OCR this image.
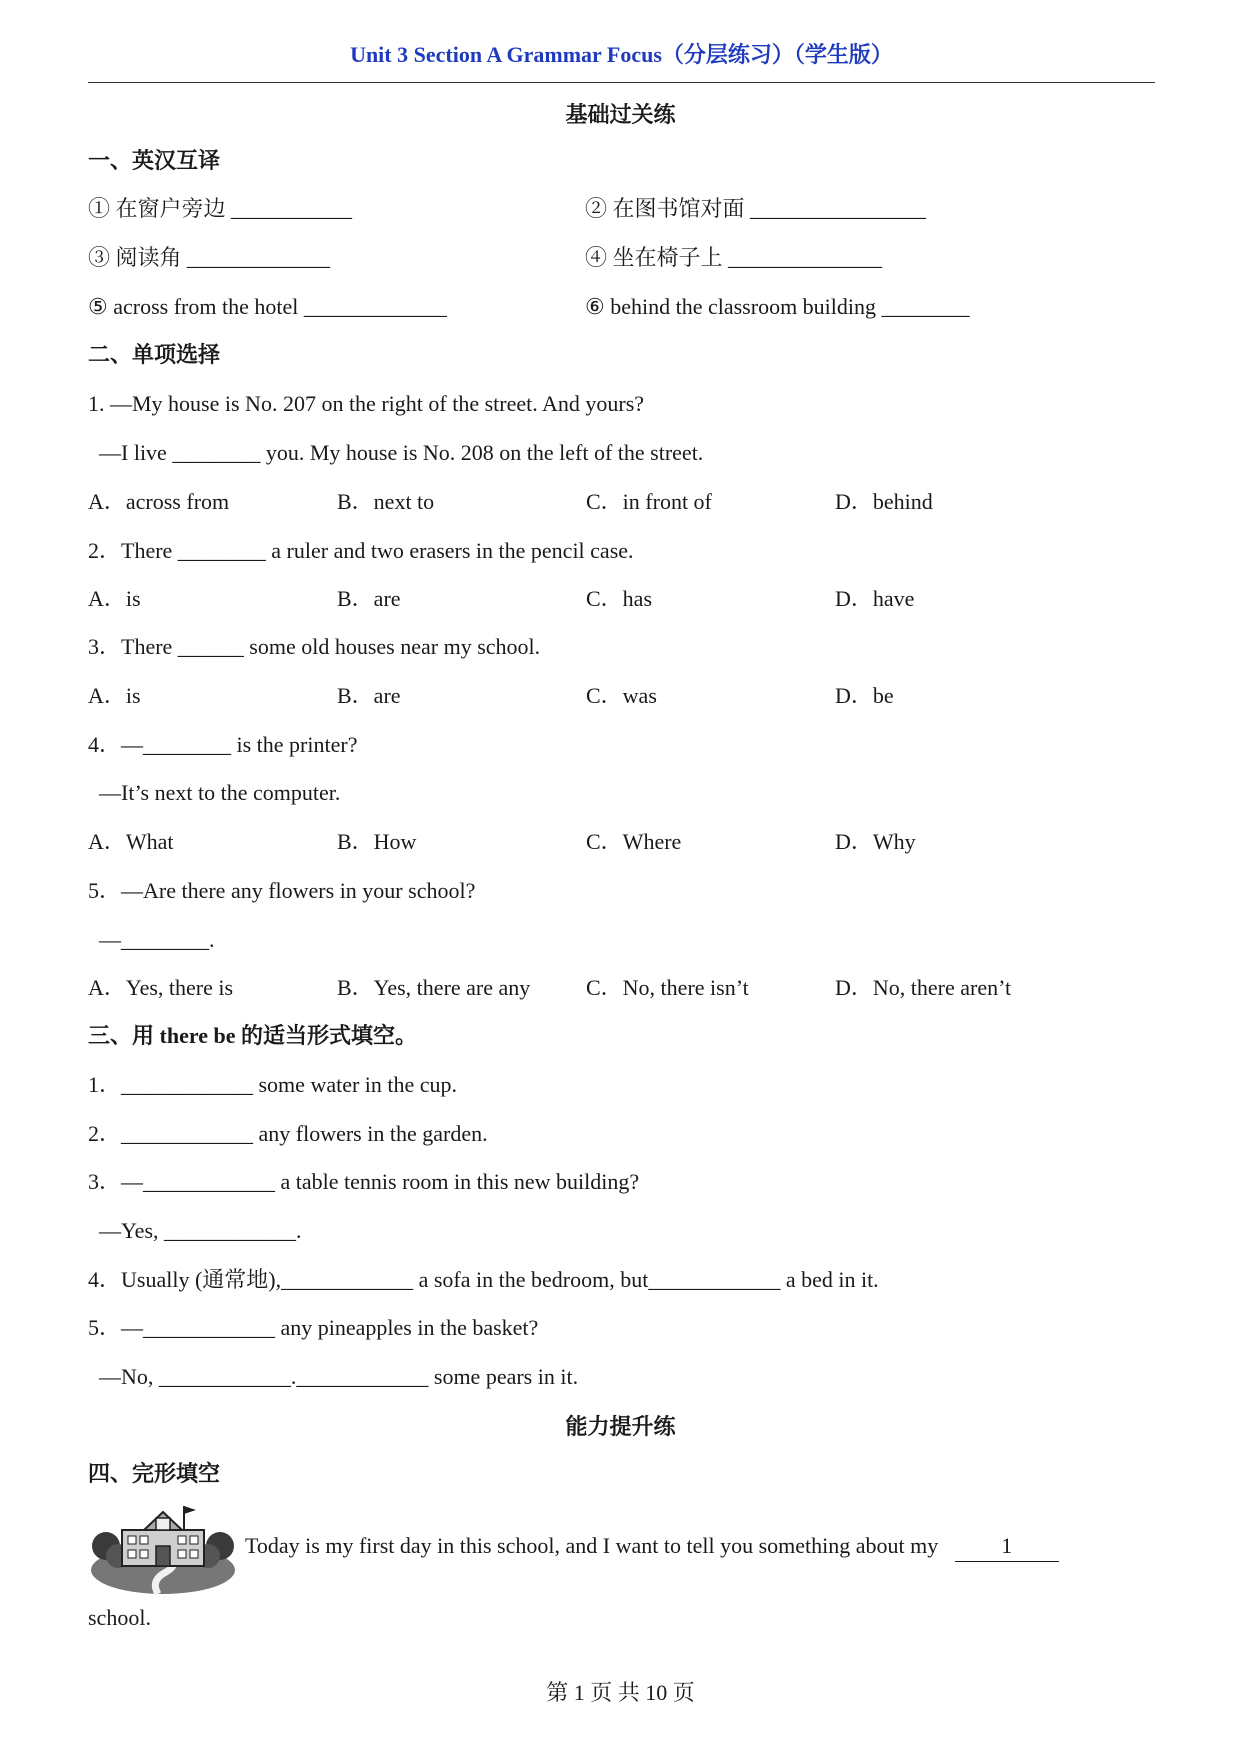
Unit 3 Section A Grammar Focus（分层练习）（学生版）
基础过关练
一、英汉互译
① 在窗户旁边 ___________	② 在图书馆对面 ________________
③ 阅读角 _____________	④ 坐在椅子上 ______________
⑤ across from the hotel _____________	⑥ behind the classroom building ________
二、单项选择
1. —My house is No. 207 on the right of the street. And yours?
—I live ________ you. My house is No. 208 on the left of the street.
A．across from	B．next to	C．in front of	D．behind
2．There ________ a ruler and two erasers in the pencil case.
A．is	B．are	C．has	D．have
3．There ______ some old houses near my school.
A．is	B．are	C．was	D．be
4．—________ is the printer?
—It’s next to the computer.
A．What	B．How	C．Where	D．Why
5．—Are there any flowers in your school?
—________.
A．Yes, there is	B．Yes, there are any	C．No, there isn’t	D．No, there aren’t
三、用 there be 的适当形式填空。
1．____________ some water in the cup.
2．____________ any flowers in the garden.
3．—____________ a table tennis room in this new building?
—Yes, ____________.
4．Usually (通常地),____________ a sofa in the bedroom, but____________ a bed in it.
5．—____________ any pineapples in the basket?
—No, ____________.____________ some pears in it.
能力提升练
四、完形填空
Today is my first day in this school, and I want to tell you something about my	1
school.
第 1 页 共 10 页
